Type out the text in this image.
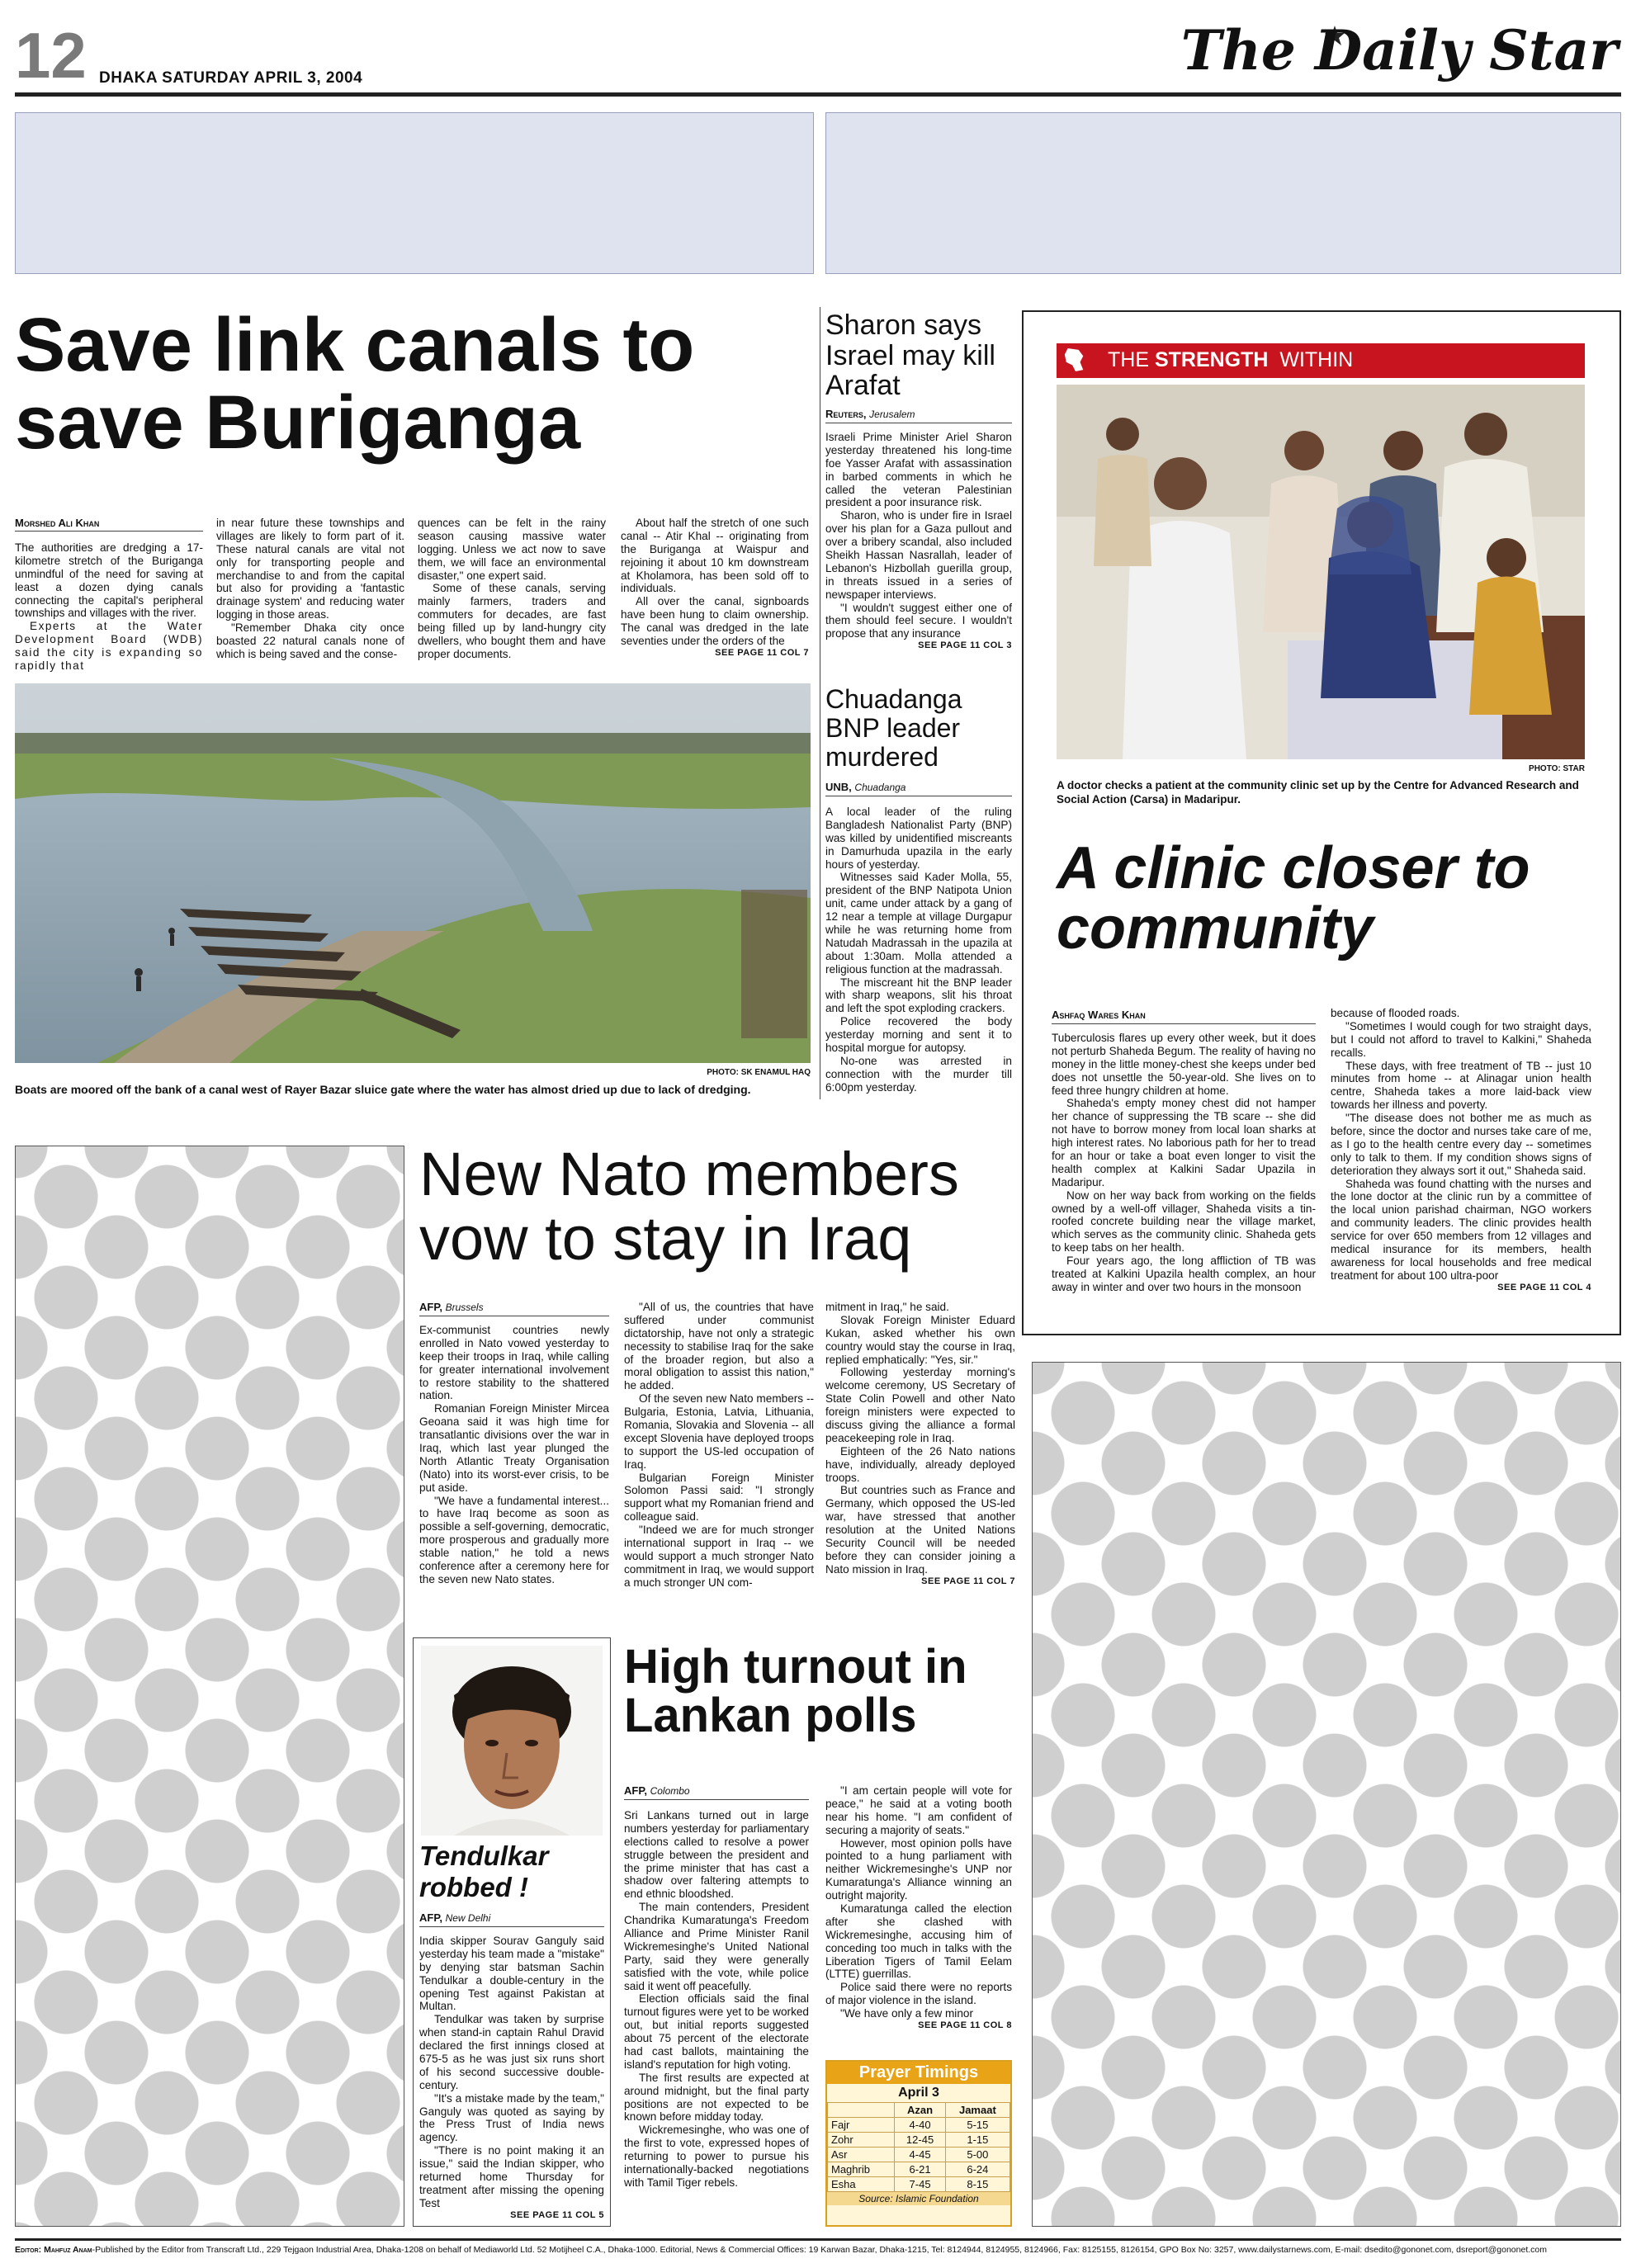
12 DHAKA SATURDAY APRIL 3, 2004	The Daily Star
Save link canals to save Buriganga
Morshed Ali Khan

The authorities are dredging a 17-kilometre stretch of the Buriganga unmindful of the need for saving at least a dozen dying canals connecting the capital's peripheral townships and villages with the river.

Experts at the Water Development Board (WDB) said the city is expanding so rapidly that

in near future these townships and villages are likely to form part of it. These natural canals are vital not only for transporting people and merchandise to and from the capital but also for providing a 'fantastic drainage system' and reducing water logging in those areas.

"Remember Dhaka city once boasted 22 natural canals none of which is being saved and the conse-

quences can be felt in the rainy season causing massive water logging. Unless we act now to save them, we will face an environmental disaster," one expert said.

Some of these canals, serving mainly farmers, traders and commuters for decades, are fast being filled up by land-hungry city dwellers, who bought them and have proper documents.

About half the stretch of one such canal -- Atir Khal -- originating from the Buriganga at Waispur and rejoining it about 10 km downstream at Kholamora, has been sold off to individuals.

All over the canal, signboards have been hung to claim ownership. The canal was dredged in the late seventies under the orders of the

SEE PAGE 11 COL 7
PHOTO: SK ENAMUL HAQ
Boats are moored off the bank of a canal west of Rayer Bazar sluice gate where the water has almost dried up due to lack of dredging.
Sharon says Israel may kill Arafat
Reuters, Jerusalem

Israeli Prime Minister Ariel Sharon yesterday threatened his long-time foe Yasser Arafat with assassination in barbed comments in which he called the veteran Palestinian president a poor insurance risk.

Sharon, who is under fire in Israel over his plan for a Gaza pullout and over a bribery scandal, also included Sheikh Hassan Nasrallah, leader of Lebanon's Hizbollah guerilla group, in threats issued in a series of newspaper interviews.

"I wouldn't suggest either one of them should feel secure. I wouldn't propose that any insurance

SEE PAGE 11 COL 3
Chuadanga BNP leader murdered
UNB, Chuadanga

A local leader of the ruling Bangladesh Nationalist Party (BNP) was killed by unidentified miscreants in Damurhuda upazila in the early hours of yesterday.

Witnesses said Kader Molla, 55, president of the BNP Natipota Union unit, came under attack by a gang of 12 near a temple at village Durgapur while he was returning home from Natudah Madrassah in the upazila at about 1:30am. Molla attended a religious function at the madrassah.

The miscreant hit the BNP leader with sharp weapons, slit his throat and left the spot exploding crackers.

Police recovered the body yesterday morning and sent it to hospital morgue for autopsy.

No-one was arrested in connection with the murder till 6:00pm yesterday.

THE STRENGTH WITHIN
PHOTO: STAR
A doctor checks a patient at the community clinic set up by the Centre for Advanced Research and Social Action (Carsa) in Madaripur.
A clinic closer to community
Ashfaq Wares Khan

Tuberculosis flares up every other week, but it does not perturb Shaheda Begum. The reality of having no money in the little money-chest she keeps under bed does not unsettle the 50-year-old. She lives on to feed three hungry children at home.

Shaheda's empty money chest did not hamper her chance of suppressing the TB scare -- she did not have to borrow money from local loan sharks at high interest rates. No laborious path for her to tread for an hour or take a boat even longer to visit the health complex at Kalkini Sadar Upazila in Madaripur.

Now on her way back from working on the fields owned by a well-off villager, Shaheda visits a tin-roofed concrete building near the village market, which serves as the community clinic. Shaheda gets to keep tabs on her health.

Four years ago, the long affliction of TB was treated at Kalkini Upazila health complex, an hour away in winter and over two hours in the monsoon

because of flooded roads.

"Sometimes I would cough for two straight days, but I could not afford to travel to Kalkini," Shaheda recalls.

These days, with free treatment of TB -- just 10 minutes from home -- at Alinagar union health centre, Shaheda takes a more laid-back view towards her illness and poverty.

"The disease does not bother me as much as before, since the doctor and nurses take care of me, as I go to the health centre every day -- sometimes only to talk to them. If my condition shows signs of deterioration they always sort it out," Shaheda said.

Shaheda was found chatting with the nurses and the lone doctor at the clinic run by a committee of the local union parishad chairman, NGO workers and community leaders. The clinic provides health service for over 650 members from 12 villages and medical insurance for its members, health awareness for local households and free medical treatment for about 100 ultra-poor

SEE PAGE 11 COL 4
New Nato members vow to stay in Iraq
AFP, Brussels

Ex-communist countries newly enrolled in Nato vowed yesterday to keep their troops in Iraq, while calling for greater international involvement to restore stability to the shattered nation.

Romanian Foreign Minister Mircea Geoana said it was high time for transatlantic divisions over the war in Iraq, which last year plunged the North Atlantic Treaty Organisation (Nato) into its worst-ever crisis, to be put aside.

"We have a fundamental interest... to have Iraq become as soon as possible a self-governing, democratic, more prosperous and gradually more stable nation," he told a news conference after a ceremony here for the seven new Nato states.

"All of us, the countries that have suffered under communist dictatorship, have not only a strategic necessity to stabilise Iraq for the sake of the broader region, but also a moral obligation to assist this nation," he added.

Of the seven new Nato members -- Bulgaria, Estonia, Latvia, Lithuania, Romania, Slovakia and Slovenia -- all except Slovenia have deployed troops to support the US-led occupation of Iraq.

Bulgarian Foreign Minister Solomon Passi said: "I strongly support what my Romanian friend and colleague said.

"Indeed we are for much stronger international support in Iraq -- we would support a much stronger Nato commitment in Iraq, we would support a much stronger UN com-

mitment in Iraq," he said.

Slovak Foreign Minister Eduard Kukan, asked whether his own country would stay the course in Iraq, replied emphatically: "Yes, sir."

Following yesterday morning's welcome ceremony, US Secretary of State Colin Powell and other Nato foreign ministers were expected to discuss giving the alliance a formal peacekeeping role in Iraq.

Eighteen of the 26 Nato nations have, individually, already deployed troops.

But countries such as France and Germany, which opposed the US-led war, have stressed that another resolution at the United Nations Security Council will be needed before they can consider joining a Nato mission in Iraq.

SEE PAGE 11 COL 7
Tendulkar robbed !
AFP, New Delhi

India skipper Sourav Ganguly said yesterday his team made a "mistake" by denying star batsman Sachin Tendulkar a double-century in the opening Test against Pakistan at Multan.

Tendulkar was taken by surprise when stand-in captain Rahul Dravid declared the first innings closed at 675-5 as he was just six runs short of his second successive double-century.

"It's a mistake made by the team," Ganguly was quoted as saying by the Press Trust of India news agency.

"There is no point making it an issue," said the Indian skipper, who returned home Thursday for treatment after missing the opening Test

SEE PAGE 11 COL 5
High turnout in Lankan polls
AFP, Colombo

Sri Lankans turned out in large numbers yesterday for parliamentary elections called to resolve a power struggle between the president and the prime minister that has cast a shadow over faltering attempts to end ethnic bloodshed.

The main contenders, President Chandrika Kumaratunga's Freedom Alliance and Prime Minister Ranil Wickremesinghe's United National Party, said they were generally satisfied with the vote, while police said it went off peacefully.

Election officials said the final turnout figures were yet to be worked out, but initial reports suggested about 75 percent of the electorate had cast ballots, maintaining the island's reputation for high voting.

The first results are expected at around midnight, but the final party positions are not expected to be known before midday today.

Wickremesinghe, who was one of the first to vote, expressed hopes of returning to power to pursue his internationally-backed negotiations with Tamil Tiger rebels.

"I am certain people will vote for peace," he said at a voting booth near his home. "I am confident of securing a majority of seats."

However, most opinion polls have pointed to a hung parliament with neither Wickremesinghe's UNP nor Kumaratunga's Alliance winning an outright majority.

Kumaratunga called the election after she clashed with Wickremesinghe, accusing him of conceding too much in talks with the Liberation Tigers of Tamil Eelam (LTTE) guerrillas.

Police said there were no reports of major violence in the island.

"We have only a few minor

SEE PAGE 11 COL 8
Prayer Timings
April 3
	Azan	Jamaat
Fajr	4-40	5-15
Zohr	12-45	1-15
Asr	4-45	5-00
Maghrib	6-21	6-24
Esha	7-45	8-15
Source: Islamic Foundation
Editor: Mahfuz Anam-Published by the Editor from Transcraft Ltd., 229 Tejgaon Industrial Area, Dhaka-1208 on behalf of Mediaworld Ltd. 52 Motijheel C.A., Dhaka-1000. Editorial, News & Commercial Offices: 19 Karwan Bazar, Dhaka-1215, Tel: 8124944, 8124955, 8124966, Fax: 8125155, 8126154, GPO Box No: 3257, www.dailystarnews.com, E-mail: dsedito@gononet.com, dsreport@gononet.com
